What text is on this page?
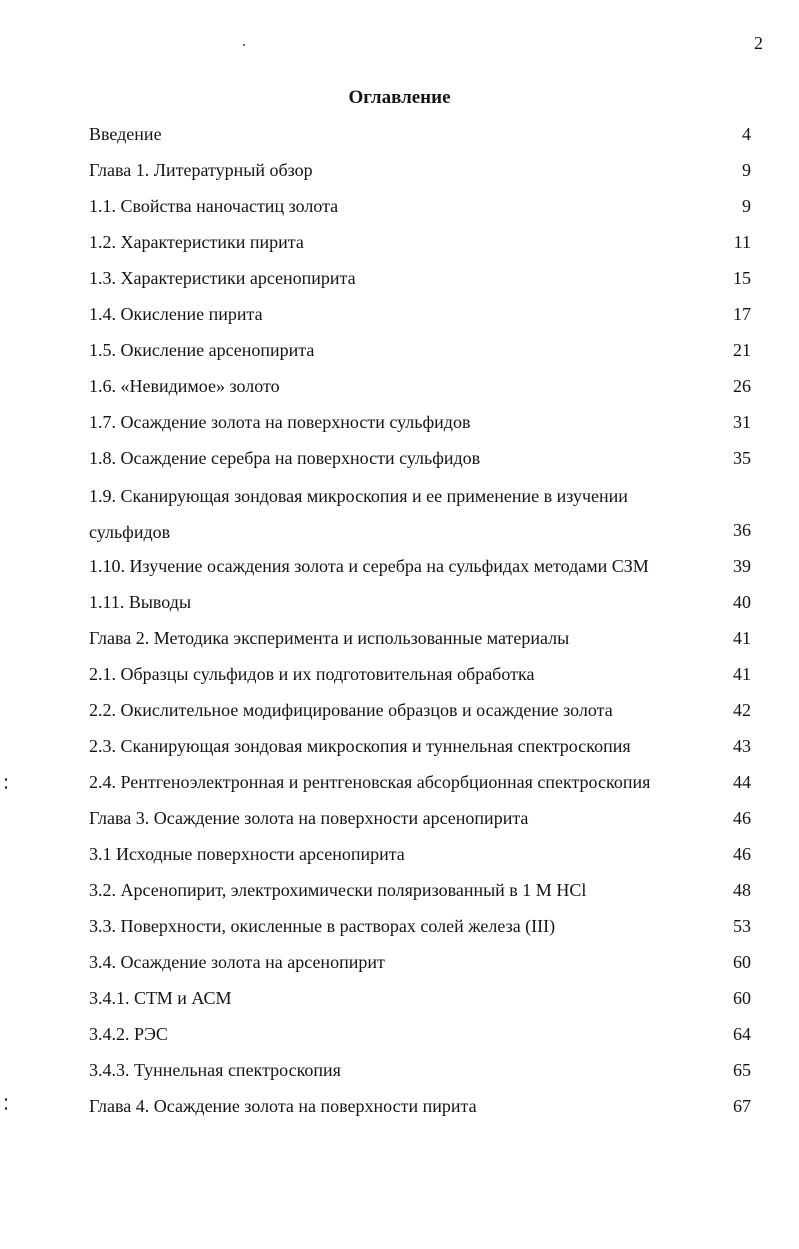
2
Оглавление
Введение	4
Глава 1. Литературный обзор	9
1.1. Свойства наночастиц золота	9
1.2. Характеристики пирита	11
1.3. Характеристики арсенопирита	15
1.4. Окисление пирита	17
1.5. Окисление арсенопирита	21
1.6. «Невидимое» золото	26
1.7. Осаждение золота на поверхности сульфидов	31
1.8. Осаждение серебра на поверхности сульфидов	35
1.9. Сканирующая зондовая микроскопия и ее применение в изучении сульфидов	36
1.10. Изучение осаждения золота и серебра на сульфидах методами СЗМ	39
1.11. Выводы	40
Глава 2. Методика эксперимента и использованные материалы	41
2.1. Образцы сульфидов и их подготовительная обработка	41
2.2. Окислительное модифицирование образцов и осаждение золота	42
2.3. Сканирующая зондовая микроскопия и туннельная спектроскопия	43
2.4. Рентгеноэлектронная и рентгеновская абсорбционная спектроскопия	44
Глава 3. Осаждение золота на поверхности арсенопирита	46
3.1 Исходные поверхности арсенопирита	46
3.2. Арсенопирит, электрохимически поляризованный в 1 М HCl	48
3.3. Поверхности, окисленные в растворах солей железа (III)	53
3.4. Осаждение золота на арсенопирит	60
3.4.1. СТМ и АСМ	60
3.4.2. РЭС	64
3.4.3. Туннельная спектроскопия	65
Глава 4. Осаждение золота на поверхности пирита	67
